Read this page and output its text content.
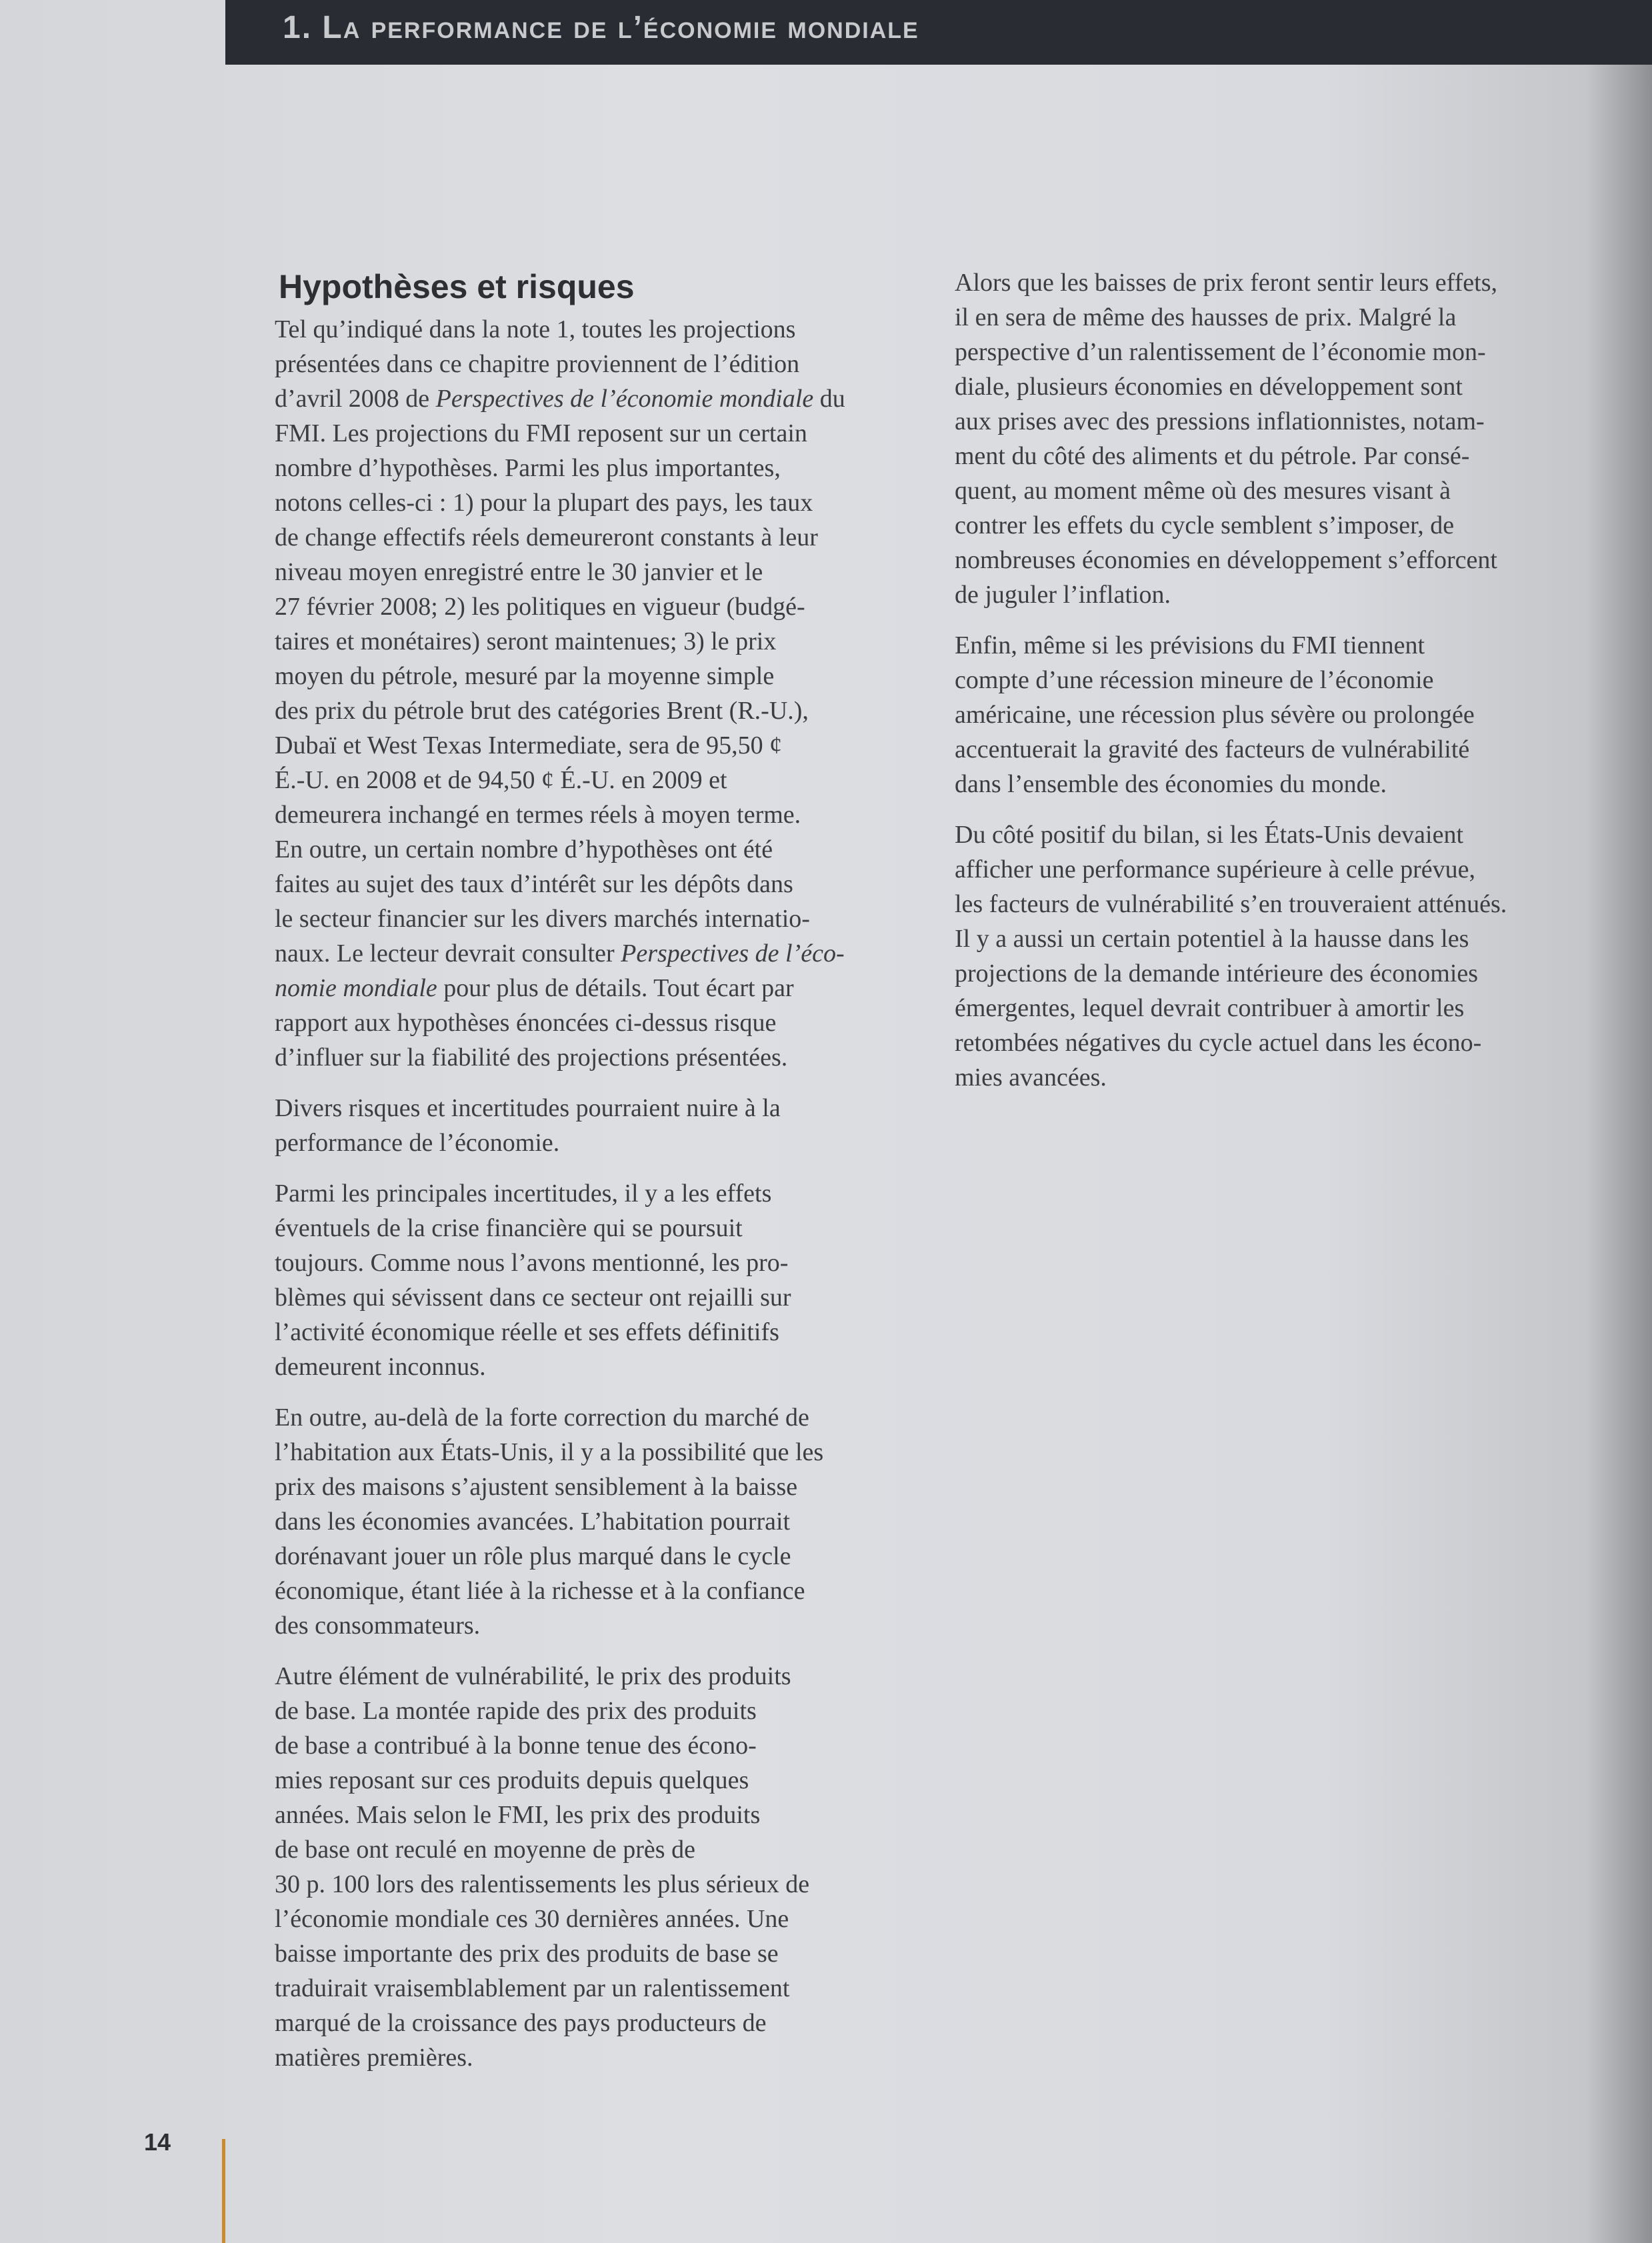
1. La performance de l’économie mondiale
Hypothèses et risques

Tel qu’indiqué dans la note 1, toutes les projections
présentées dans ce chapitre proviennent de l’édition
d’avril 2008 de Perspectives de l’économie mondiale du
FMI. Les projections du FMI reposent sur un certain
nombre d’hypothèses. Parmi les plus importantes,
notons celles-ci : 1) pour la plupart des pays, les taux
de change effectifs réels demeureront constants à leur
niveau moyen enregistré entre le 30 janvier et le
27 février 2008; 2) les politiques en vigueur (budgé-
taires et monétaires) seront maintenues; 3) le prix
moyen du pétrole, mesuré par la moyenne simple
des prix du pétrole brut des catégories Brent (R.-U.),
Dubaï et West Texas Intermediate, sera de 95,50 ¢
É.-U. en 2008 et de 94,50 ¢ É.-U. en 2009 et
demeurera inchangé en termes réels à moyen terme.
En outre, un certain nombre d’hypothèses ont été
faites au sujet des taux d’intérêt sur les dépôts dans
le secteur financier sur les divers marchés internatio-
naux. Le lecteur devrait consulter Perspectives de l’éco-
nomie mondiale pour plus de détails. Tout écart par
rapport aux hypothèses énoncées ci-dessus risque
d’influer sur la fiabilité des projections présentées.

Divers risques et incertitudes pourraient nuire à la
performance de l’économie.

Parmi les principales incertitudes, il y a les effets
éventuels de la crise financière qui se poursuit
toujours. Comme nous l’avons mentionné, les pro-
blèmes qui sévissent dans ce secteur ont rejailli sur
l’activité économique réelle et ses effets définitifs
demeurent inconnus.

En outre, au-delà de la forte correction du marché de
l’habitation aux États-Unis, il y a la possibilité que les
prix des maisons s’ajustent sensiblement à la baisse
dans les économies avancées. L’habitation pourrait
dorénavant jouer un rôle plus marqué dans le cycle
économique, étant liée à la richesse et à la confiance
des consommateurs.

Autre élément de vulnérabilité, le prix des produits
de base. La montée rapide des prix des produits
de base a contribué à la bonne tenue des écono-
mies reposant sur ces produits depuis quelques
années. Mais selon le FMI, les prix des produits
de base ont reculé en moyenne de près de
30 p. 100 lors des ralentissements les plus sérieux de
l’économie mondiale ces 30 dernières années. Une
baisse importante des prix des produits de base se
traduirait vraisemblablement par un ralentissement
marqué de la croissance des pays producteurs de
matières premières.

Alors que les baisses de prix feront sentir leurs effets,
il en sera de même des hausses de prix. Malgré la
perspective d’un ralentissement de l’économie mon-
diale, plusieurs économies en développement sont
aux prises avec des pressions inflationnistes, notam-
ment du côté des aliments et du pétrole. Par consé-
quent, au moment même où des mesures visant à
contrer les effets du cycle semblent s’imposer, de
nombreuses économies en développement s’efforcent
de juguler l’inflation.

Enfin, même si les prévisions du FMI tiennent
compte d’une récession mineure de l’économie
américaine, une récession plus sévère ou prolongée
accentuerait la gravité des facteurs de vulnérabilité
dans l’ensemble des économies du monde.

Du côté positif du bilan, si les États-Unis devaient
afficher une performance supérieure à celle prévue,
les facteurs de vulnérabilité s’en trouveraient atténués.
Il y a aussi un certain potentiel à la hausse dans les
projections de la demande intérieure des économies
émergentes, lequel devrait contribuer à amortir les
retombées négatives du cycle actuel dans les écono-
mies avancées.

14
